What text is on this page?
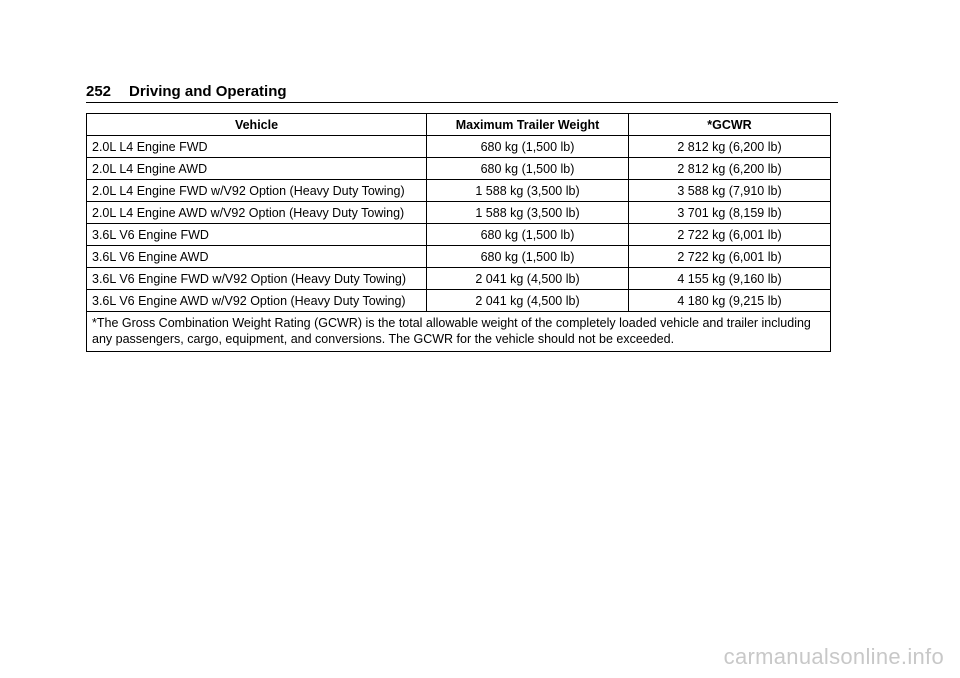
252 Driving and Operating
Vehicle	Maximum Trailer Weight	*GCWR
2.0L L4 Engine FWD	680 kg (1,500 lb)	2 812 kg (6,200 lb)
2.0L L4 Engine AWD	680 kg (1,500 lb)	2 812 kg (6,200 lb)
2.0L L4 Engine FWD w/V92 Option (Heavy Duty Towing)	1 588 kg (3,500 lb)	3 588 kg (7,910 lb)
2.0L L4 Engine AWD w/V92 Option (Heavy Duty Towing)	1 588 kg (3,500 lb)	3 701 kg (8,159 lb)
3.6L V6 Engine FWD	680 kg (1,500 lb)	2 722 kg (6,001 lb)
3.6L V6 Engine AWD	680 kg (1,500 lb)	2 722 kg (6,001 lb)
3.6L V6 Engine FWD w/V92 Option (Heavy Duty Towing)	2 041 kg (4,500 lb)	4 155 kg (9,160 lb)
3.6L V6 Engine AWD w/V92 Option (Heavy Duty Towing)	2 041 kg (4,500 lb)	4 180 kg (9,215 lb)
*The Gross Combination Weight Rating (GCWR) is the total allowable weight of the completely loaded vehicle and trailer including any passengers, cargo, equipment, and conversions. The GCWR for the vehicle should not be exceeded.		
carmanualsonline.info
